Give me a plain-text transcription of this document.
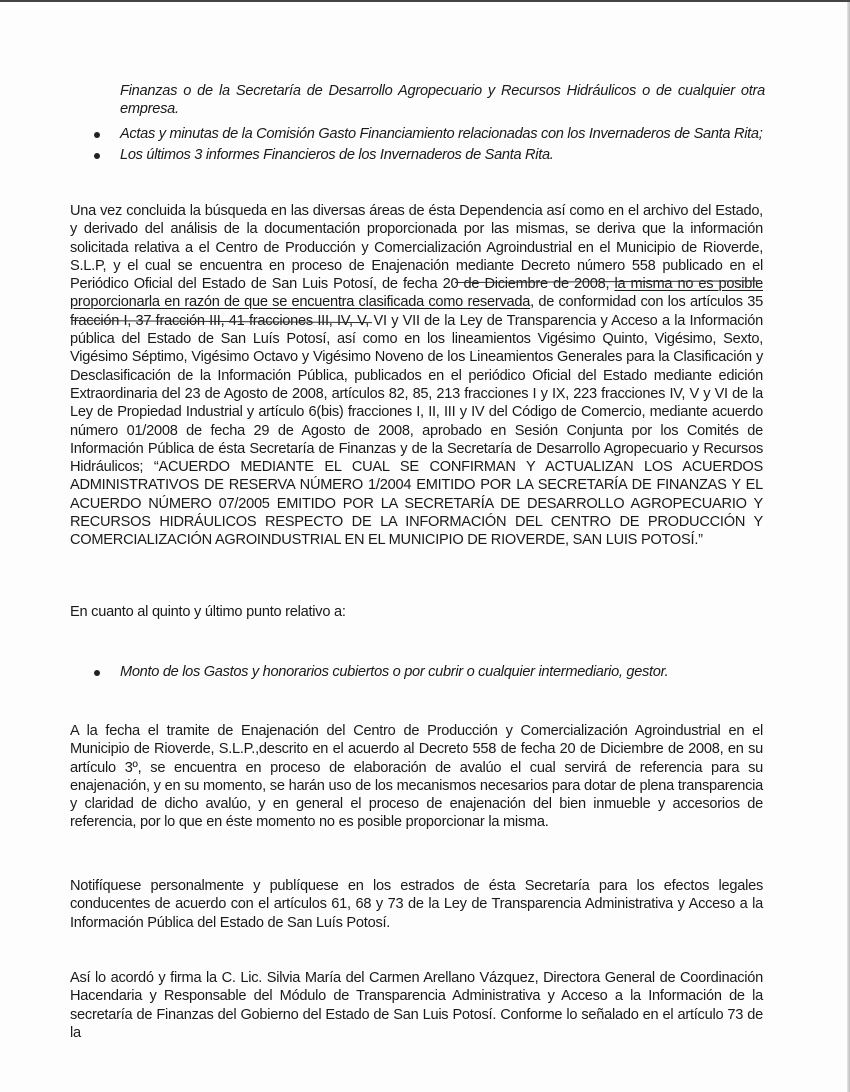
Finanzas o de la Secretaría de Desarrollo Agropecuario y Recursos Hidráulicos o de cualquier otra empresa.
Actas y minutas de la Comisión Gasto Financiamiento relacionadas con los Invernaderos de Santa Rita;
Los últimos 3 informes Financieros de los Invernaderos de Santa Rita.
Una vez concluida la búsqueda en las diversas áreas de ésta Dependencia así como en el archivo del Estado, y derivado del análisis de la documentación proporcionada por las mismas, se deriva que la información solicitada relativa a el Centro de Producción y Comercialización Agroindustrial en el Municipio de Rioverde, S.L.P, y el cual se encuentra en proceso de Enajenación mediante Decreto número 558 publicado en el Periódico Oficial del Estado de San Luis Potosí, de fecha 20 de Diciembre de 2008, la misma no es posible proporcionarla en razón de que se encuentra clasificada como reservada, de conformidad con los artículos 35 fracción I, 37 fracción III, 41 fracciones III, IV, V, VI y VII de la Ley de Transparencia y Acceso a la Información pública del Estado de San Luís Potosí, así como en los lineamientos Vigésimo Quinto, Vigésimo, Sexto, Vigésimo Séptimo, Vigésimo Octavo y Vigésimo Noveno de los Lineamientos Generales para la Clasificación y Desclasificación de la Información Pública, publicados en el periódico Oficial del Estado mediante edición Extraordinaria del 23 de Agosto de 2008, artículos 82, 85, 213 fracciones I y IX, 223 fracciones IV, V y VI de la Ley de Propiedad Industrial y artículo 6(bis) fracciones I, II, III y IV del Código de Comercio, mediante acuerdo número 01/2008 de fecha 29 de Agosto de 2008, aprobado en Sesión Conjunta por los Comités de Información Pública de ésta Secretaría de Finanzas y de la Secretaría de Desarrollo Agropecuario y Recursos Hidráulicos; “ACUERDO MEDIANTE EL CUAL SE CONFIRMAN Y ACTUALIZAN LOS ACUERDOS ADMINISTRATIVOS DE RESERVA NÚMERO 1/2004 EMITIDO POR LA SECRETARÍA DE FINANZAS Y EL ACUERDO NÚMERO 07/2005 EMITIDO POR LA SECRETARÍA DE DESARROLLO AGROPECUARIO Y RECURSOS HIDRÁULICOS RESPECTO DE LA INFORMACIÓN DEL CENTRO DE PRODUCCIÓN Y COMERCIALIZACIÓN AGROINDUSTRIAL EN EL MUNICIPIO DE RIOVERDE, SAN LUIS POTOSÍ.”
En cuanto al quinto y último punto relativo a:
Monto de los Gastos y honorarios cubiertos o por cubrir o cualquier intermediario, gestor.
A la fecha el tramite de Enajenación del Centro de Producción y Comercialización Agroindustrial en el Municipio de Rioverde, S.L.P.,descrito en el acuerdo al Decreto 558 de fecha 20 de Diciembre de 2008, en su artículo 3º, se encuentra en proceso de elaboración de avalúo el cual servirá de referencia para su enajenación, y en su momento, se harán uso de los mecanismos necesarios para dotar de plena transparencia y claridad de dicho avalúo, y en general el proceso de enajenación del bien inmueble y accesorios de referencia, por lo que en éste momento no es posible proporcionar la misma.
Notifíquese personalmente y publíquese en los estrados de ésta Secretaría para los efectos legales conducentes de acuerdo con el artículos 61, 68 y 73 de la Ley de Transparencia Administrativa y Acceso a la Información Pública del Estado de San Luís Potosí.
Así lo acordó y firma la C. Lic. Silvia María del Carmen Arellano Vázquez, Directora General de Coordinación Hacendaria y Responsable del Módulo de Transparencia Administrativa y Acceso a la Información de la secretaría de Finanzas del Gobierno del Estado de San Luis Potosí. Conforme lo señalado en el artículo 73 de la
